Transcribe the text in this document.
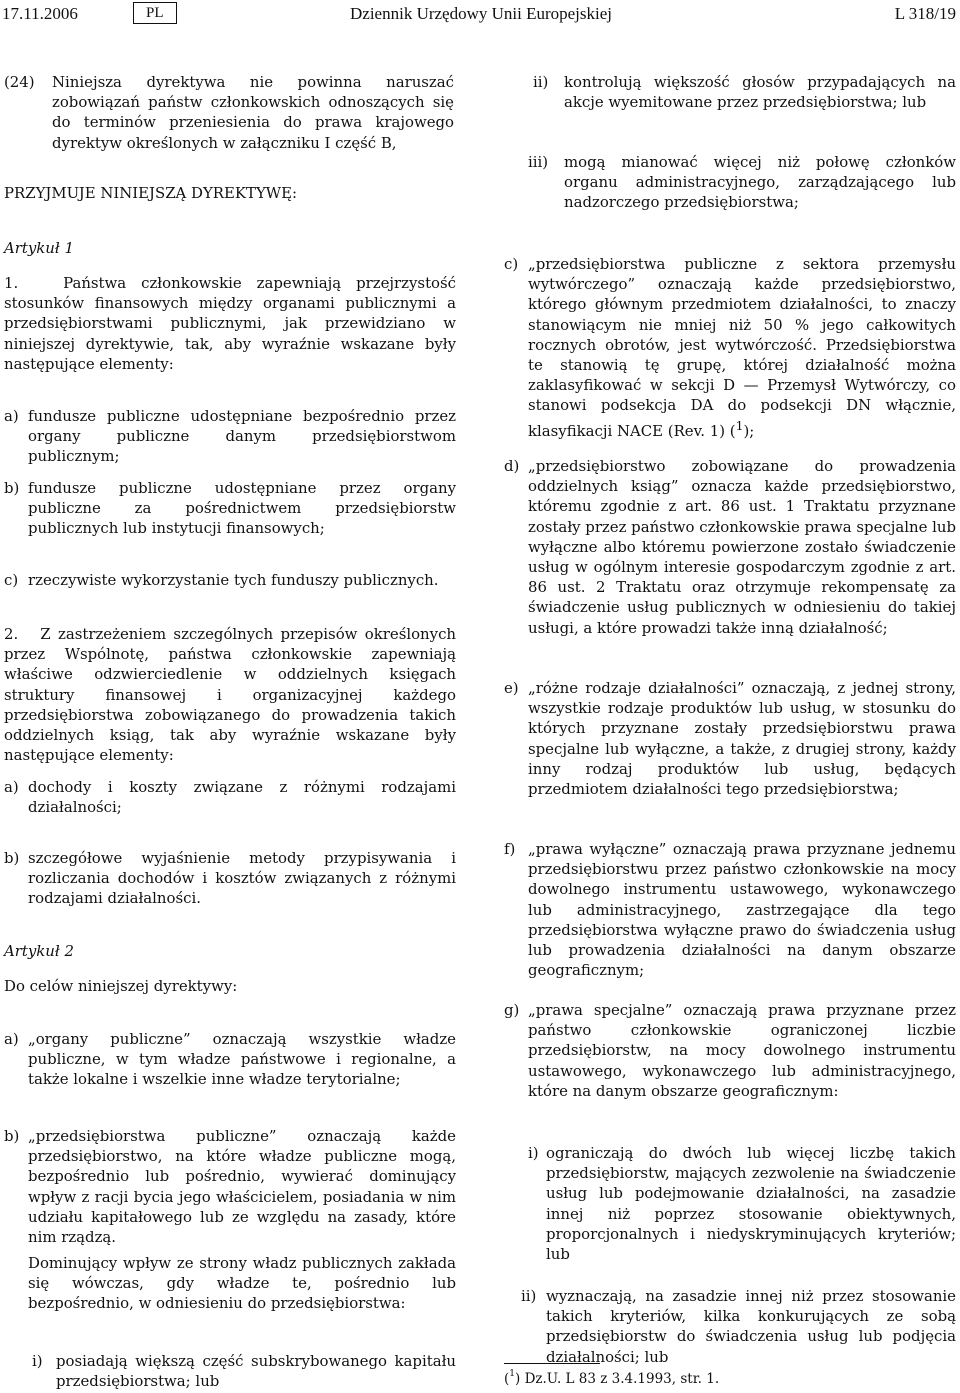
17.11.2006	PL	Dziennik Urzędowy Unii Europejskiej	L 318/19
(24) Niniejsza dyrektywa nie powinna naruszać zobowiązań państw członkowskich odnoszących się do terminów przeniesienia do prawa krajowego dyrektyw określonych w załączniku I część B,
PRZYJMUJE NINIEJSZĄ DYREKTYWĘ:
Artykuł 1
1.   Państwa członkowskie zapewniają przejrzystość stosunków finansowych między organami publicznymi a przedsiębiorstwami publicznymi, jak przewidziano w niniejszej dyrektywie, tak, aby wyraźnie wskazane były następujące elementy:
a) fundusze publiczne udostępniane bezpośrednio przez organy publiczne danym przedsiębiorstwom publicznym;
b) fundusze publiczne udostępniane przez organy publiczne za pośrednictwem przedsiębiorstw publicznych lub instytucji finansowych;
c) rzeczywiste wykorzystanie tych funduszy publicznych.
2.   Z zastrzeżeniem szczególnych przepisów określonych przez Wspólnotę, państwa członkowskie zapewniają właściwe odzwierciedlenie w oddzielnych księgach struktury finansowej i organizacyjnej każdego przedsiębiorstwa zobowiązanego do prowadzenia takich oddzielnych ksiąg, tak aby wyraźnie wskazane były następujące elementy:
a) dochody i koszty związane z różnymi rodzajami działalności;
b) szczegółowe wyjaśnienie metody przypisywania i rozliczania dochodów i kosztów związanych z różnymi rodzajami działalności.
Artykuł 2
Do celów niniejszej dyrektywy:
a) „organy publiczne” oznaczają wszystkie władze publiczne, w tym władze państwowe i regionalne, a także lokalne i wszelkie inne władze terytorialne;
b) „przedsiębiorstwa publiczne” oznaczają każde przedsiębiorstwo, na które władze publiczne mogą, bezpośrednio lub pośrednio, wywierać dominujący wpływ z racji bycia jego właścicielem, posiadania w nim udziału kapitałowego lub ze względu na zasady, które nim rządzą.
Dominujący wpływ ze strony władz publicznych zakłada się wówczas, gdy władze te, pośrednio lub bezpośrednio, w odniesieniu do przedsiębiorstwa:
i) posiadają większą część subskrybowanego kapitału przedsiębiorstwa; lub
ii) kontrolują większość głosów przypadających na akcje wyemitowane przez przedsiębiorstwa; lub
iii) mogą mianować więcej niż połowę członków organu administracyjnego, zarządzającego lub nadzorczego przedsiębiorstwa;
c) „przedsiębiorstwa publiczne z sektora przemysłu wytwórczego” oznaczają każde przedsiębiorstwo, którego głównym przedmiotem działalności, to znaczy stanowiącym nie mniej niż 50 % jego całkowitych rocznych obrotów, jest wytwórczość. Przedsiębiorstwa te stanowią tę grupę, której działalność można zaklasyfikować w sekcji D — Przemysł Wytwórczy, co stanowi podsekcja DA do podsekcji DN włącznie, klasyfikacji NACE (Rev. 1) ($^1$);
d) „przedsiębiorstwo zobowiązane do prowadzenia oddzielnych ksiąg” oznacza każde przedsiębiorstwo, któremu zgodnie z art. 86 ust. 1 Traktatu przyznane zostały przez państwo członkowskie prawa specjalne lub wyłączne albo któremu powierzone zostało świadczenie usług w ogólnym interesie gospodarczym zgodnie z art. 86 ust. 2 Traktatu oraz otrzymuje rekompensatę za świadczenie usług publicznych w odniesieniu do takiej usługi, a które prowadzi także inną działalność;
e) „różne rodzaje działalności” oznaczają, z jednej strony, wszystkie rodzaje produktów lub usług, w stosunku do których przyznane zostały przedsiębiorstwu prawa specjalne lub wyłączne, a także, z drugiej strony, każdy inny rodzaj produktów lub usług, będących przedmiotem działalności tego przedsiębiorstwa;
f) „prawa wyłączne” oznaczają prawa przyznane jednemu przedsiębiorstwu przez państwo członkowskie na mocy dowolnego instrumentu ustawowego, wykonawczego lub administracyjnego, zastrzegające dla tego przedsiębiorstwa wyłączne prawo do świadczenia usług lub prowadzenia działalności na danym obszarze geograficznym;
g) „prawa specjalne” oznaczają prawa przyznane przez państwo członkowskie ograniczonej liczbie przedsiębiorstw, na mocy dowolnego instrumentu ustawowego, wykonawczego lub administracyjnego, które na danym obszarze geograficznym:
i) ograniczają do dwóch lub więcej liczbę takich przedsiębiorstw, mających zezwolenie na świadczenie usług lub podejmowanie działalności, na zasadzie innej niż poprzez stosowanie obiektywnych, proporcjonalnych i niedyskryminujących kryteriów; lub
ii) wyznaczają, na zasadzie innej niż przez stosowanie takich kryteriów, kilka konkurujących ze sobą przedsiębiorstw do świadczenia usług lub podjęcia działalności; lub
($^1$) Dz.U. L 83 z 3.4.1993, str. 1.
